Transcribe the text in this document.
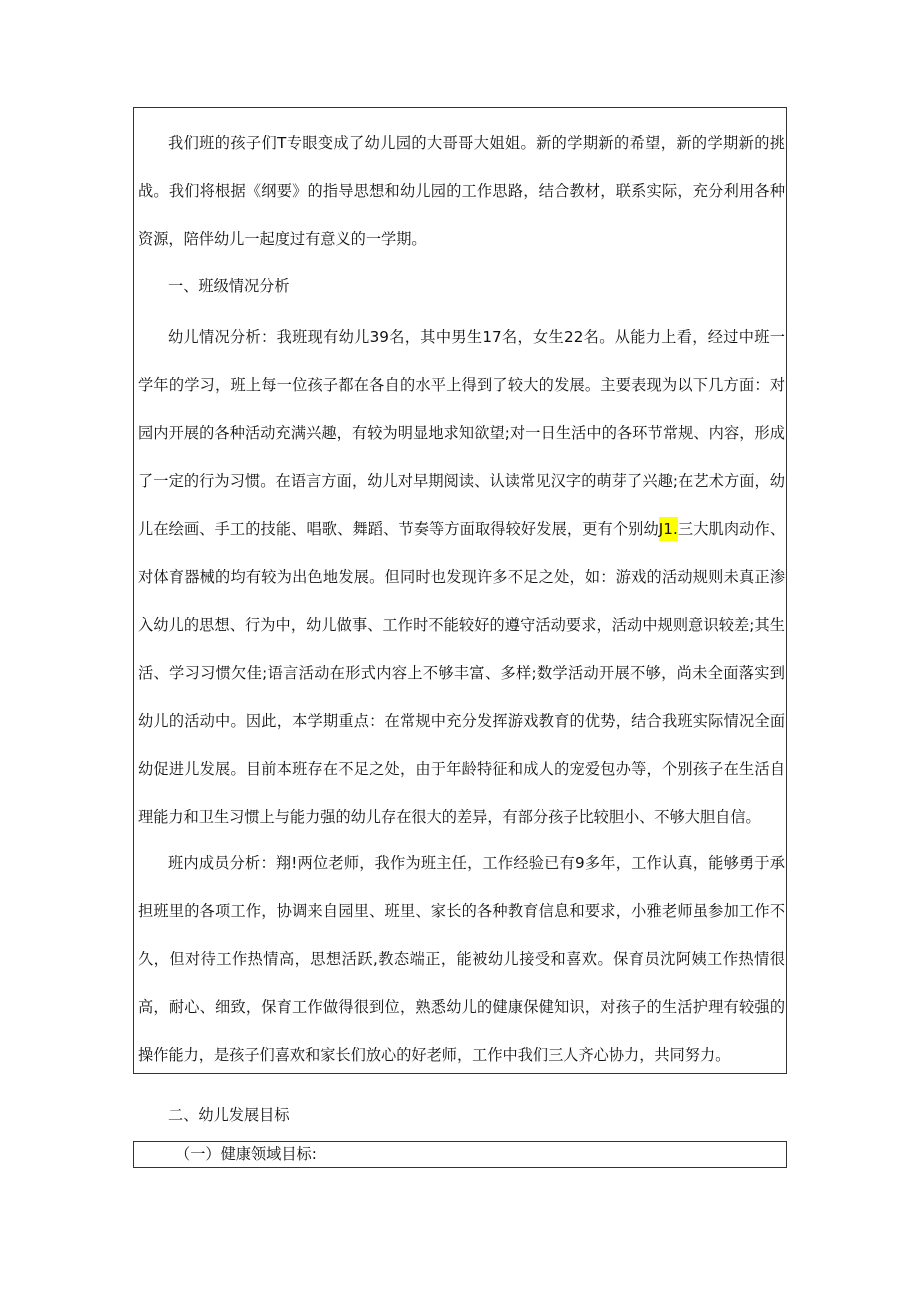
我们班的孩子们T专眼变成了幼儿园的大哥哥大姐姐。新的学期新的希望，新的学期新的挑战。我们将根据《纲要》的指导思想和幼儿园的工作思路，结合教材，联系实际，充分利用各种资源，陪伴幼儿一起度过有意义的一学期。

一、班级情况分析

幼儿情况分析：我班现有幼儿39名，其中男生17名，女生22名。从能力上看，经过中班一学年的学习，班上每一位孩子都在各自的水平上得到了较大的发展。主要表现为以下几方面：对园内开展的各种活动充满兴趣，有较为明显地求知欲望;对一日生活中的各环节常规、内容，形成了一定的行为习惯。在语言方面，幼儿对早期阅读、认读常见汉字的萌芽了兴趣;在艺术方面，幼儿在绘画、手工的技能、唱歌、舞蹈、节奏等方面取得较好发展，更有个别幼J1.三大肌肉动作、对体育器械的均有较为出色地发展。但同时也发现许多不足之处，如：游戏的活动规则未真正渗入幼儿的思想、行为中，幼儿做事、工作时不能较好的遵守活动要求，活动中规则意识较差;其生活、学习习惯欠佳;语言活动在形式内容上不够丰富、多样;数学活动开展不够，尚未全面落实到幼儿的活动中。因此，本学期重点：在常规中充分发挥游戏教育的优势，结合我班实际情况全面幼促进儿发展。目前本班存在不足之处，由于年龄特征和成人的宠爱包办等，个别孩子在生活自理能力和卫生习惯上与能力强的幼儿存在很大的差异，有部分孩子比较胆小、不够大胆自信。

班内成员分析：翔!两位老师，我作为班主任，工作经验已有9多年，工作认真，能够勇于承担班里的各项工作，协调来自园里、班里、家长的各种教育信息和要求，小雅老师虽参加工作不久，但对待工作热情高，思想活跃,教态端正，能被幼儿接受和喜欢。保育员沈阿姨工作热情很高，耐心、细致，保育工作做得很到位，熟悉幼儿的健康保健知识，对孩子的生活护理有较强的操作能力，是孩子们喜欢和家长们放心的好老师，工作中我们三人齐心协力，共同努力。

二、幼儿发展目标

（一）健康领域目标:
